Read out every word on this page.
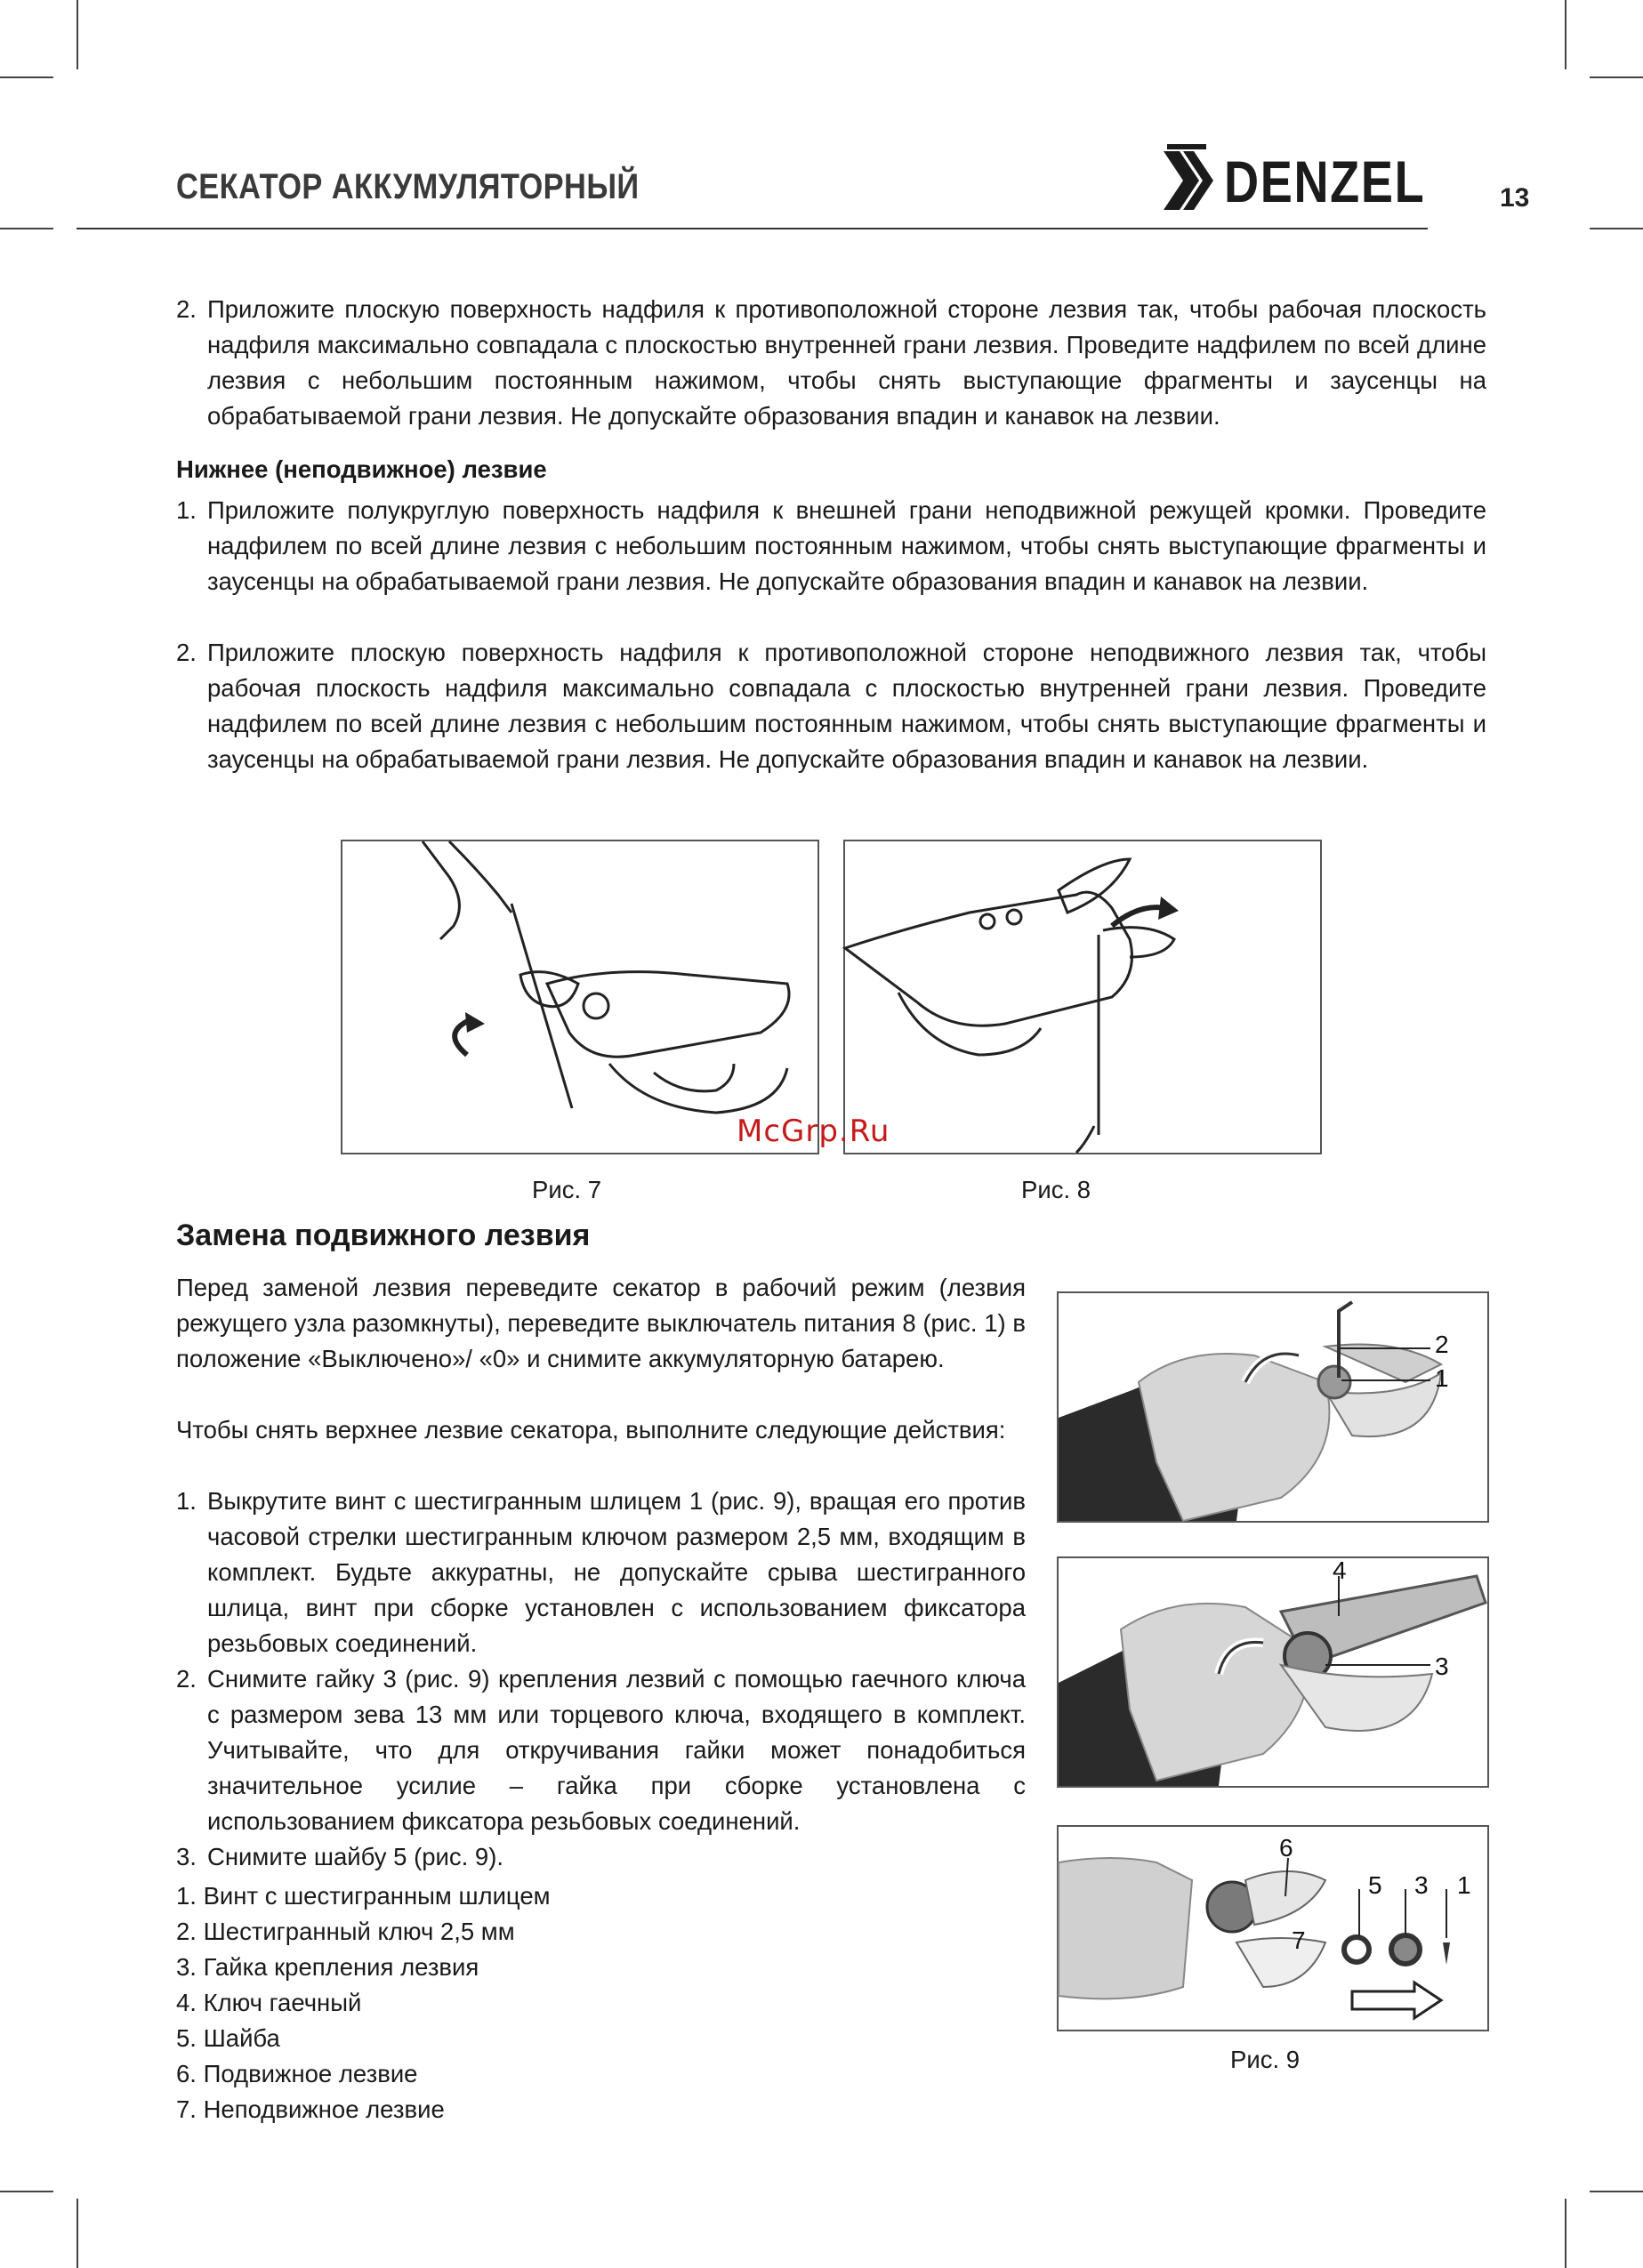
СЕКАТОР АККУМУЛЯТОРНЫЙ	DENZEL	13
2. Приложите плоскую поверхность надфиля к противоположной стороне лезвия так, чтобы рабочая плоскость надфиля максимально совпадала с плоскостью внутренней грани лезвия. Проведите надфилем по всей длине лезвия с небольшим постоянным нажимом, чтобы снять выступающие фрагменты и заусенцы на обрабатываемой грани лезвия. Не допускайте образования впадин и канавок на лезвии.
Нижнее (неподвижное) лезвие
1. Приложите полукруглую поверхность надфиля к внешней грани неподвижной режущей кромки. Проведите надфилем по всей длине лезвия с небольшим постоянным нажимом, чтобы снять выступающие фрагменты и заусенцы на обрабатываемой грани лезвия. Не допускайте образования впадин и канавок на лезвии.
2. Приложите плоскую поверхность надфиля к противоположной стороне неподвижного лезвия так, чтобы рабочая плоскость надфиля максимально совпадала с плоскостью внутренней грани лезвия. Проведите надфилем по всей длине лезвия с небольшим постоянным нажимом, чтобы снять выступающие фрагменты и заусенцы на обрабатываемой грани лезвия. Не допускайте образования впадин и канавок на лезвии.
McGrp.Ru
Рис. 7	Рис. 8
Замена подвижного лезвия
Перед заменой лезвия переведите секатор в рабочий режим (лезвия режущего узла разомкнуты), переведите выключатель питания 8 (рис. 1) в положение «Выключено»/ «0» и снимите аккумуляторную батарею.
Чтобы снять верхнее лезвие секатора, выполните следующие действия:
1. Выкрутите винт с шестигранным шлицем 1 (рис. 9), вращая его против часовой стрелки шестигранным ключом размером 2,5 мм, входящим в комплект. Будьте аккуратны, не допускайте срыва шестигранного шлица, винт при сборке установлен с использованием фиксатора резьбовых соединений.
2. Снимите гайку 3 (рис. 9) крепления лезвий с помощью гаечного ключа с размером зева 13 мм или торцевого ключа, входящего в комплект. Учитывайте, что для откручивания гайки может понадобиться значительное усилие – гайка при сборке установлена с использованием фиксатора резьбовых соединений.
3. Снимите шайбу 5 (рис. 9).
1. Винт с шестигранным шлицем
2. Шестигранный ключ 2,5 мм
3. Гайка крепления лезвия
4. Ключ гаечный
5. Шайба
6. Подвижное лезвие
7. Неподвижное лезвие
2
1
4
3
6
5 3 1
7
Рис. 9
